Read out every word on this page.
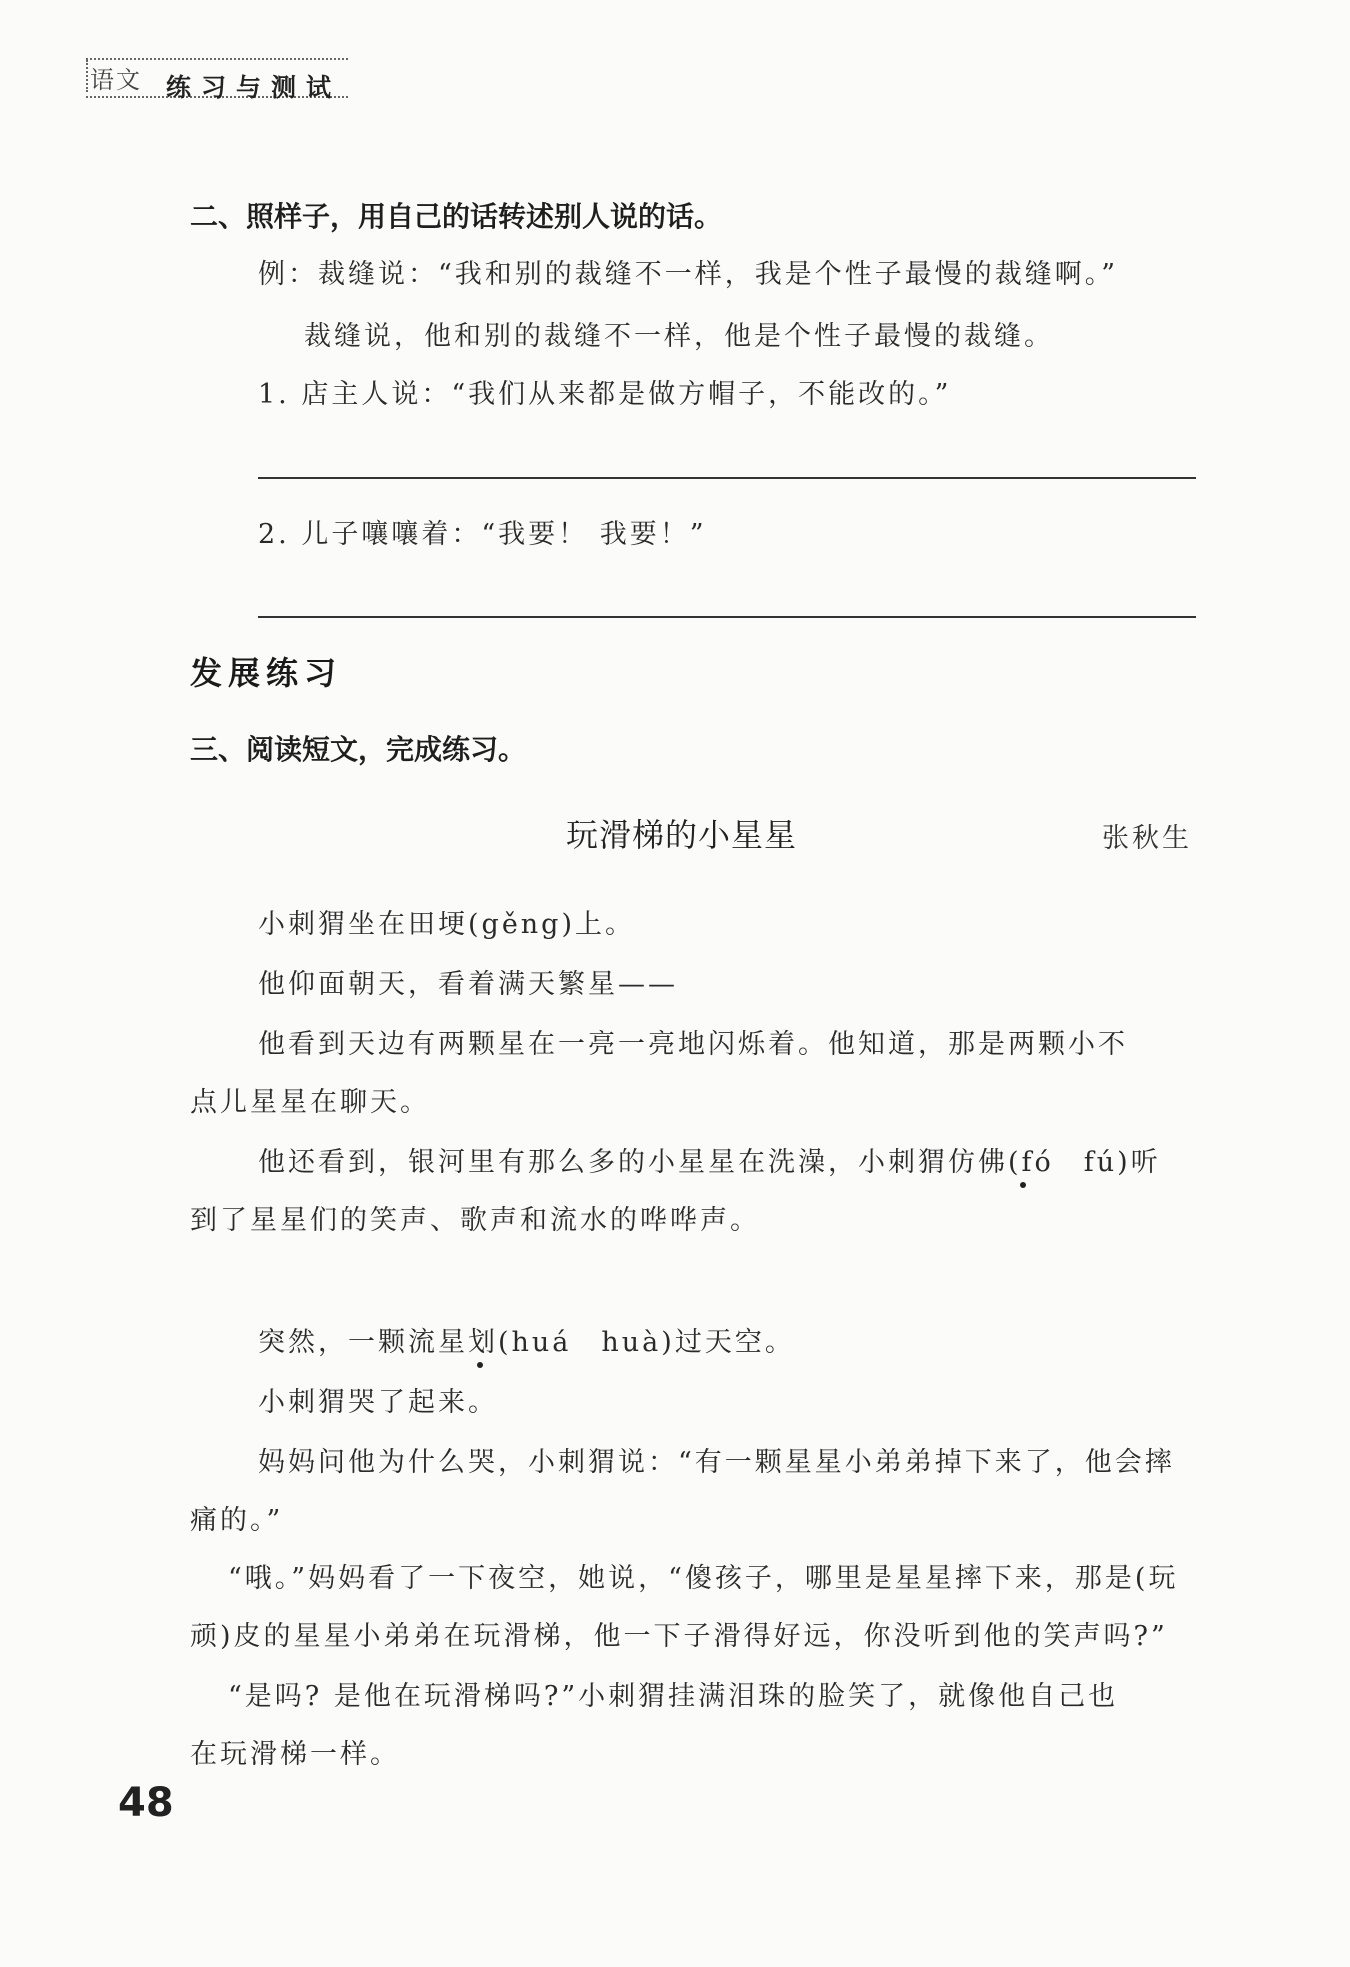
语文 练习与测试
二、照样子，用自己的话转述别人说的话。
例：裁缝说：“我和别的裁缝不一样，我是个性子最慢的裁缝啊。”
裁缝说，他和别的裁缝不一样，他是个性子最慢的裁缝。
1. 店主人说：“我们从来都是做方帽子，不能改的。”
2. 儿子嚷嚷着：“我要！ 我要！”
发展练习
三、阅读短文，完成练习。
玩滑梯的小星星	张秋生
小刺猬坐在田埂(gěng)上。
他仰面朝天，看着满天繁星——
他看到天边有两颗星在一亮一亮地闪烁着。他知道，那是两颗小不
点儿星星在聊天。
他还看到，银河里有那么多的小星星在洗澡，小刺猬仿佛(fó　fú)听
到了星星们的笑声、歌声和流水的哗哗声。
突然，一颗流星划(huá　huà)过天空。
小刺猬哭了起来。
妈妈问他为什么哭，小刺猬说：“有一颗星星小弟弟掉下来了，他会摔
痛的。”
“哦。”妈妈看了一下夜空，她说，“傻孩子，哪里是星星摔下来，那是(玩
顽)皮的星星小弟弟在玩滑梯，他一下子滑得好远，你没听到他的笑声吗?”
“是吗? 是他在玩滑梯吗?”小刺猬挂满泪珠的脸笑了，就像他自己也
在玩滑梯一样。
48
